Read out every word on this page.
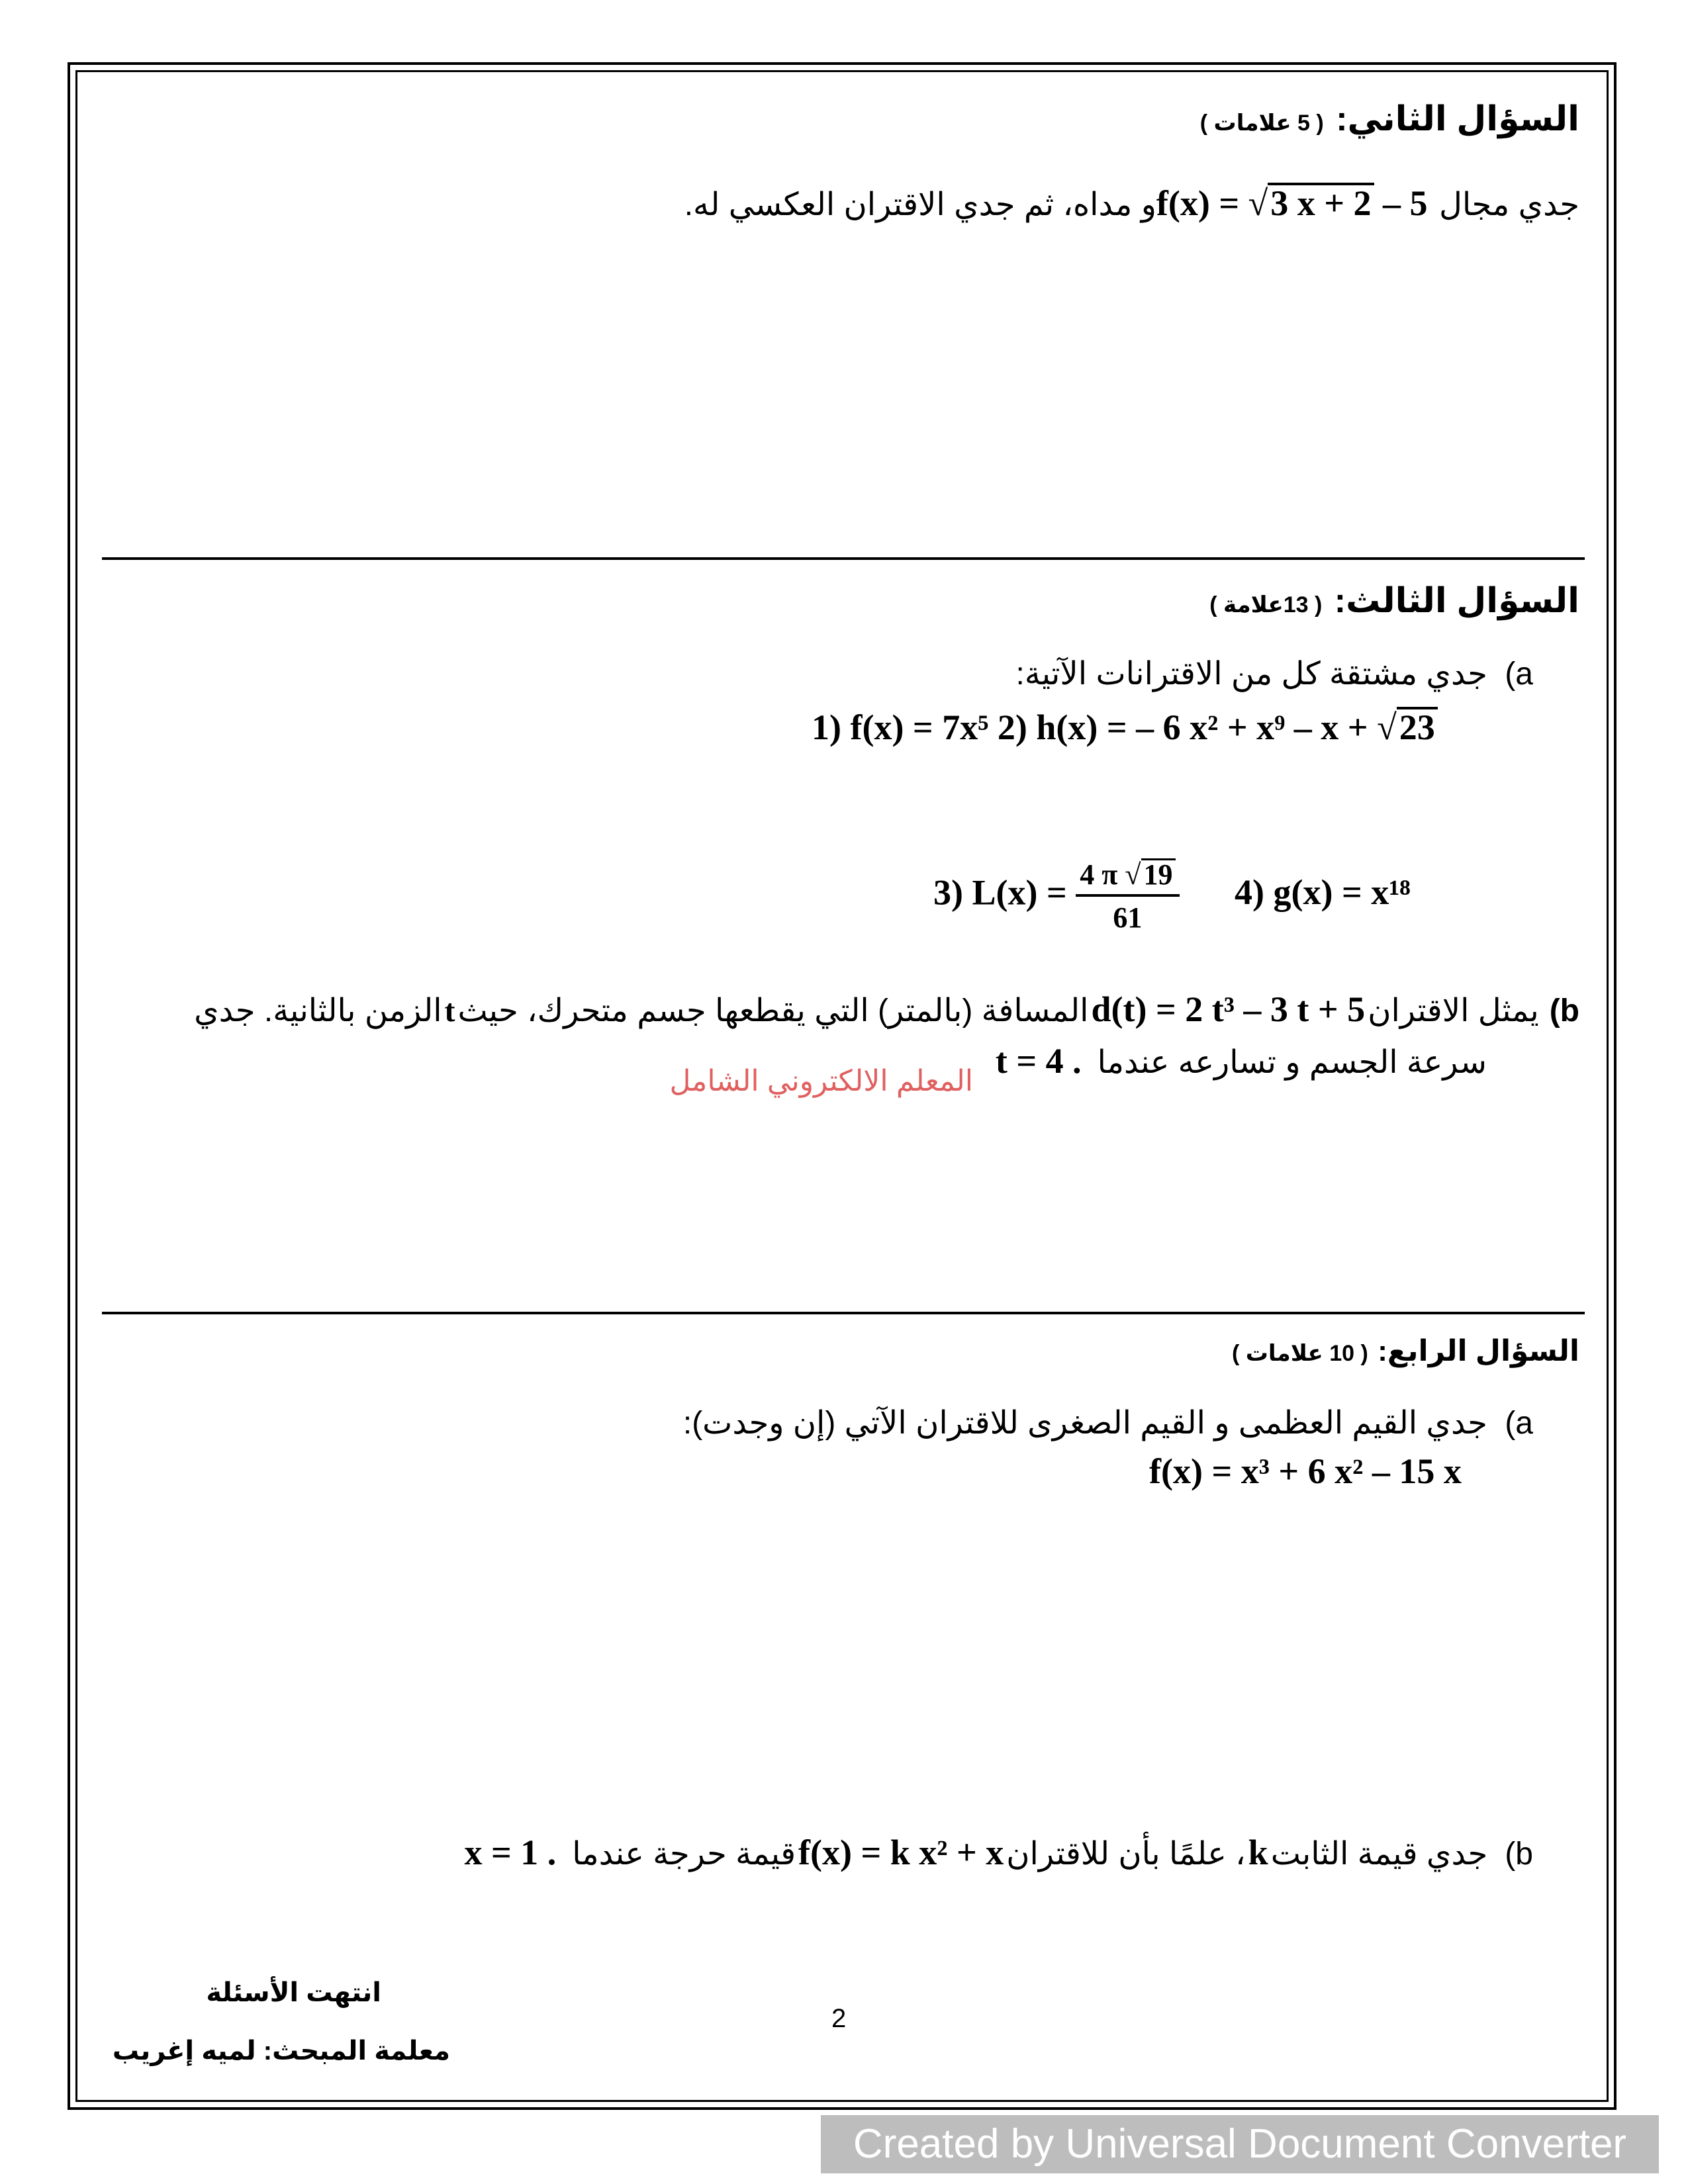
السؤال الثاني: ( 5 علامات )
جدي مجال f(x) = √3 x + 2 – 5 و مداه، ثم جدي الاقتران العكسي له.
السؤال الثالث: ( 13علامة )
a) جدي مشتقة كل من الاقترانات الآتية:
1) f(x) = 7x⁵ 2) h(x) = – 6 x² + x⁹ – x + √23
3) $L(x) = \frac{4 \pi √19}{61} 4$) g(x) = x¹⁸
b) يمثل الاقتران d(t) = 2 t³ – 3 t + 5 المسافة (بالمتر) التي يقطعها جسم متحرك، حيث t الزمن بالثانية. جدي
سرعة الجسم و تسارعه عندما t = 4 .
المعلم الالكتروني الشامل
السؤال الرابع: ( 10 علامات )
a) جدي القيم العظمى و القيم الصغرى للاقتران الآتي (إن وجدت):
f(x) = x³ + 6 x² – 15 x
b) جدي قيمة الثابت k ، علمًا بأن للاقتران f(x) = k x² + x قيمة حرجة عندما x = 1 .
انتهت الأسئلة
2
معلمة المبحث: لميه إغريب
Created by Universal Document Converter
